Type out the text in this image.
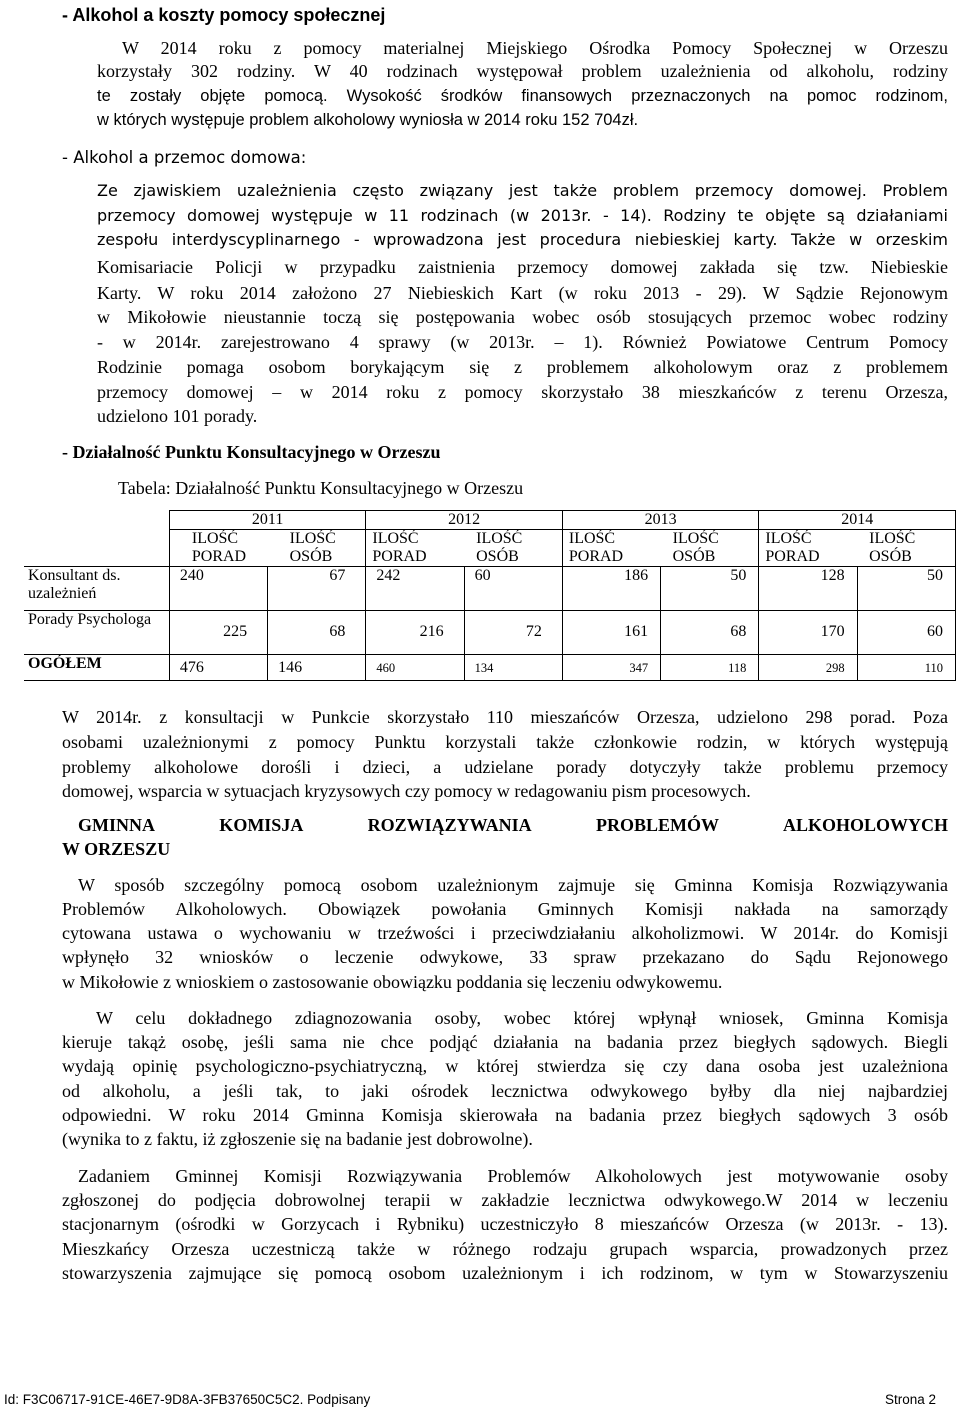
- Alkohol a koszty pomocy społecznej
W 2014 roku z pomocy materialnej Miejskiego Ośrodka Pomocy Społecznej w Orzeszu
korzystały 302 rodziny. W 40 rodzinach występował problem uzależnienia od alkoholu, rodziny
te zostały objęte pomocą. Wysokość środków finansowych przeznaczonych na pomoc rodzinom,
w których występuje problem alkoholowy wyniosła w 2014 roku 152 704zł.
- Alkohol a przemoc domowa:
Ze zjawiskiem uzależnienia często związany jest także problem przemocy domowej. Problem
przemocy domowej występuje w 11 rodzinach (w 2013r. - 14). Rodziny te objęte są działaniami
zespołu interdyscyplinarnego - wprowadzona jest procedura niebieskiej karty. Także w orzeskim
Komisariacie Policji w przypadku zaistnienia przemocy domowej zakłada się tzw. Niebieskie
Karty. W roku 2014 założono 27 Niebieskich Kart (w roku 2013 - 29). W Sądzie Rejonowym
w Mikołowie nieustannie toczą się postępowania wobec osób stosujących przemoc wobec rodziny
- w 2014r. zarejestrowano 4 sprawy (w 2013r. – 1). Również Powiatowe Centrum Pomocy
Rodzinie pomaga osobom borykającym się z problemem alkoholowym oraz z problemem
przemocy domowej – w 2014 roku z pomocy skorzystało 38 mieszkańców z terenu Orzesza,
udzielono 101 porady.
- Działalność Punktu Konsultacyjnego w Orzeszu
Tabela: Działalność Punktu Konsultacyjnego w Orzeszu
	2011		2012		2013		2014	
	ILOŚĆ PORAD	ILOŚĆ OSÓB	ILOŚĆ PORAD	ILOŚĆ OSÓB	ILOŚĆ PORAD	ILOŚĆ OSÓB	ILOŚĆ PORAD	ILOŚĆ OSÓB
Konsultant ds. uzależnień	240	67	242	60	186	50	128	50
Porady Psychologa	225	68	216	72	161	68	170	60
OGÓŁEM	476	146	460	134	347	118	298	110
W 2014r. z konsultacji w Punkcie skorzystało 110 mieszańców Orzesza, udzielono 298 porad. Poza
osobami uzależnionymi z pomocy Punktu korzystali także członkowie rodzin, w których występują
problemy alkoholowe dorośli i dzieci, a udzielane porady dotyczyły także problemu przemocy
domowej, wsparcia w sytuacjach kryzysowych czy pomocy w redagowaniu pism procesowych.
GMINNA KOMISJA ROZWIĄZYWANIA PROBLEMÓW ALKOHOLOWYCH
W ORZESZU
W sposób szczególny pomocą osobom uzależnionym zajmuje się Gminna Komisja Rozwiązywania
Problemów Alkoholowych. Obowiązek powołania Gminnych Komisji nakłada na samorządy
cytowana ustawa o wychowaniu w trzeźwości i przeciwdziałaniu alkoholizmowi. W 2014r. do Komisji
wpłynęło 32 wniosków o leczenie odwykowe, 33 spraw przekazano do Sądu Rejonowego
w Mikołowie z wnioskiem o zastosowanie obowiązku poddania się leczeniu odwykowemu.
W celu dokładnego zdiagnozowania osoby, wobec której wpłynął wniosek, Gminna Komisja
kieruje takąż osobę, jeśli sama nie chce podjąć działania na badania przez biegłych sądowych. Biegli
wydają opinię psychologiczno-psychiatryczną, w której stwierdza się czy dana osoba jest uzależniona
od alkoholu, a jeśli tak, to jaki ośrodek lecznictwa odwykowego byłby dla niej najbardziej
odpowiedni. W roku 2014 Gminna Komisja skierowała na badania przez biegłych sądowych 3 osób
(wynika to z faktu, iż zgłoszenie się na badanie jest dobrowolne).
Zadaniem Gminnej Komisji Rozwiązywania Problemów Alkoholowych jest motywowanie osoby
zgłoszonej do podjęcia dobrowolnej terapii w zakładzie lecznictwa odwykowego.W 2014 w leczeniu
stacjonarnym (ośrodki w Gorzycach i Rybniku) uczestniczyło 8 mieszańców Orzesza (w 2013r. - 13).
Mieszkańcy Orzesza uczestniczą także w różnego rodzaju grupach wsparcia, prowadzonych przez
stowarzyszenia zajmujące się pomocą osobom uzależnionym i ich rodzinom, w tym w Stowarzyszeniu
Id: F3C06717-91CE-46E7-9D8A-3FB37650C5C2. Podpisany	Strona 2
